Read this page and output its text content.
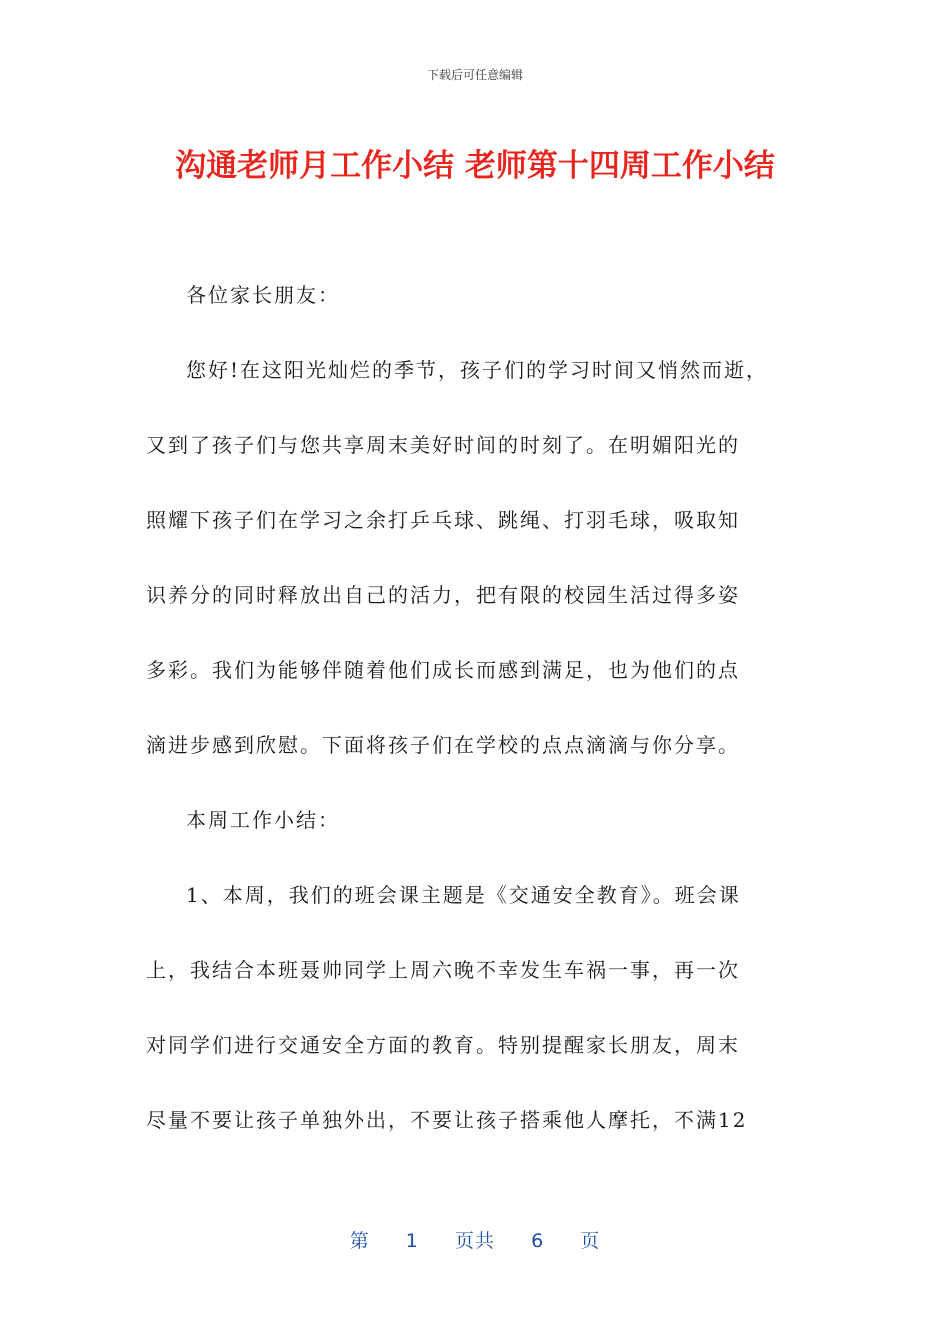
下载后可任意编辑
沟通老师月工作小结 老师第十四周工作小结

各位家长朋友：

您好!在这阳光灿烂的季节，孩子们的学习时间又悄然而逝，
又到了孩子们与您共享周末美好时间的时刻了。在明媚阳光的
照耀下孩子们在学习之余打乒乓球、跳绳、打羽毛球，吸取知
识养分的同时释放出自己的活力，把有限的校园生活过得多姿
多彩。我们为能够伴随着他们成长而感到满足，也为他们的点
滴进步感到欣慰。下面将孩子们在学校的点点滴滴与你分享。

本周工作小结：

1、本周，我们的班会课主题是《交通安全教育》。班会课
上，我结合本班聂帅同学上周六晚不幸发生车祸一事，再一次
对同学们进行交通安全方面的教育。特别提醒家长朋友，周末
尽量不要让孩子单独外出，不要让孩子搭乘他人摩托，不满12

第 1 页共 6 页
